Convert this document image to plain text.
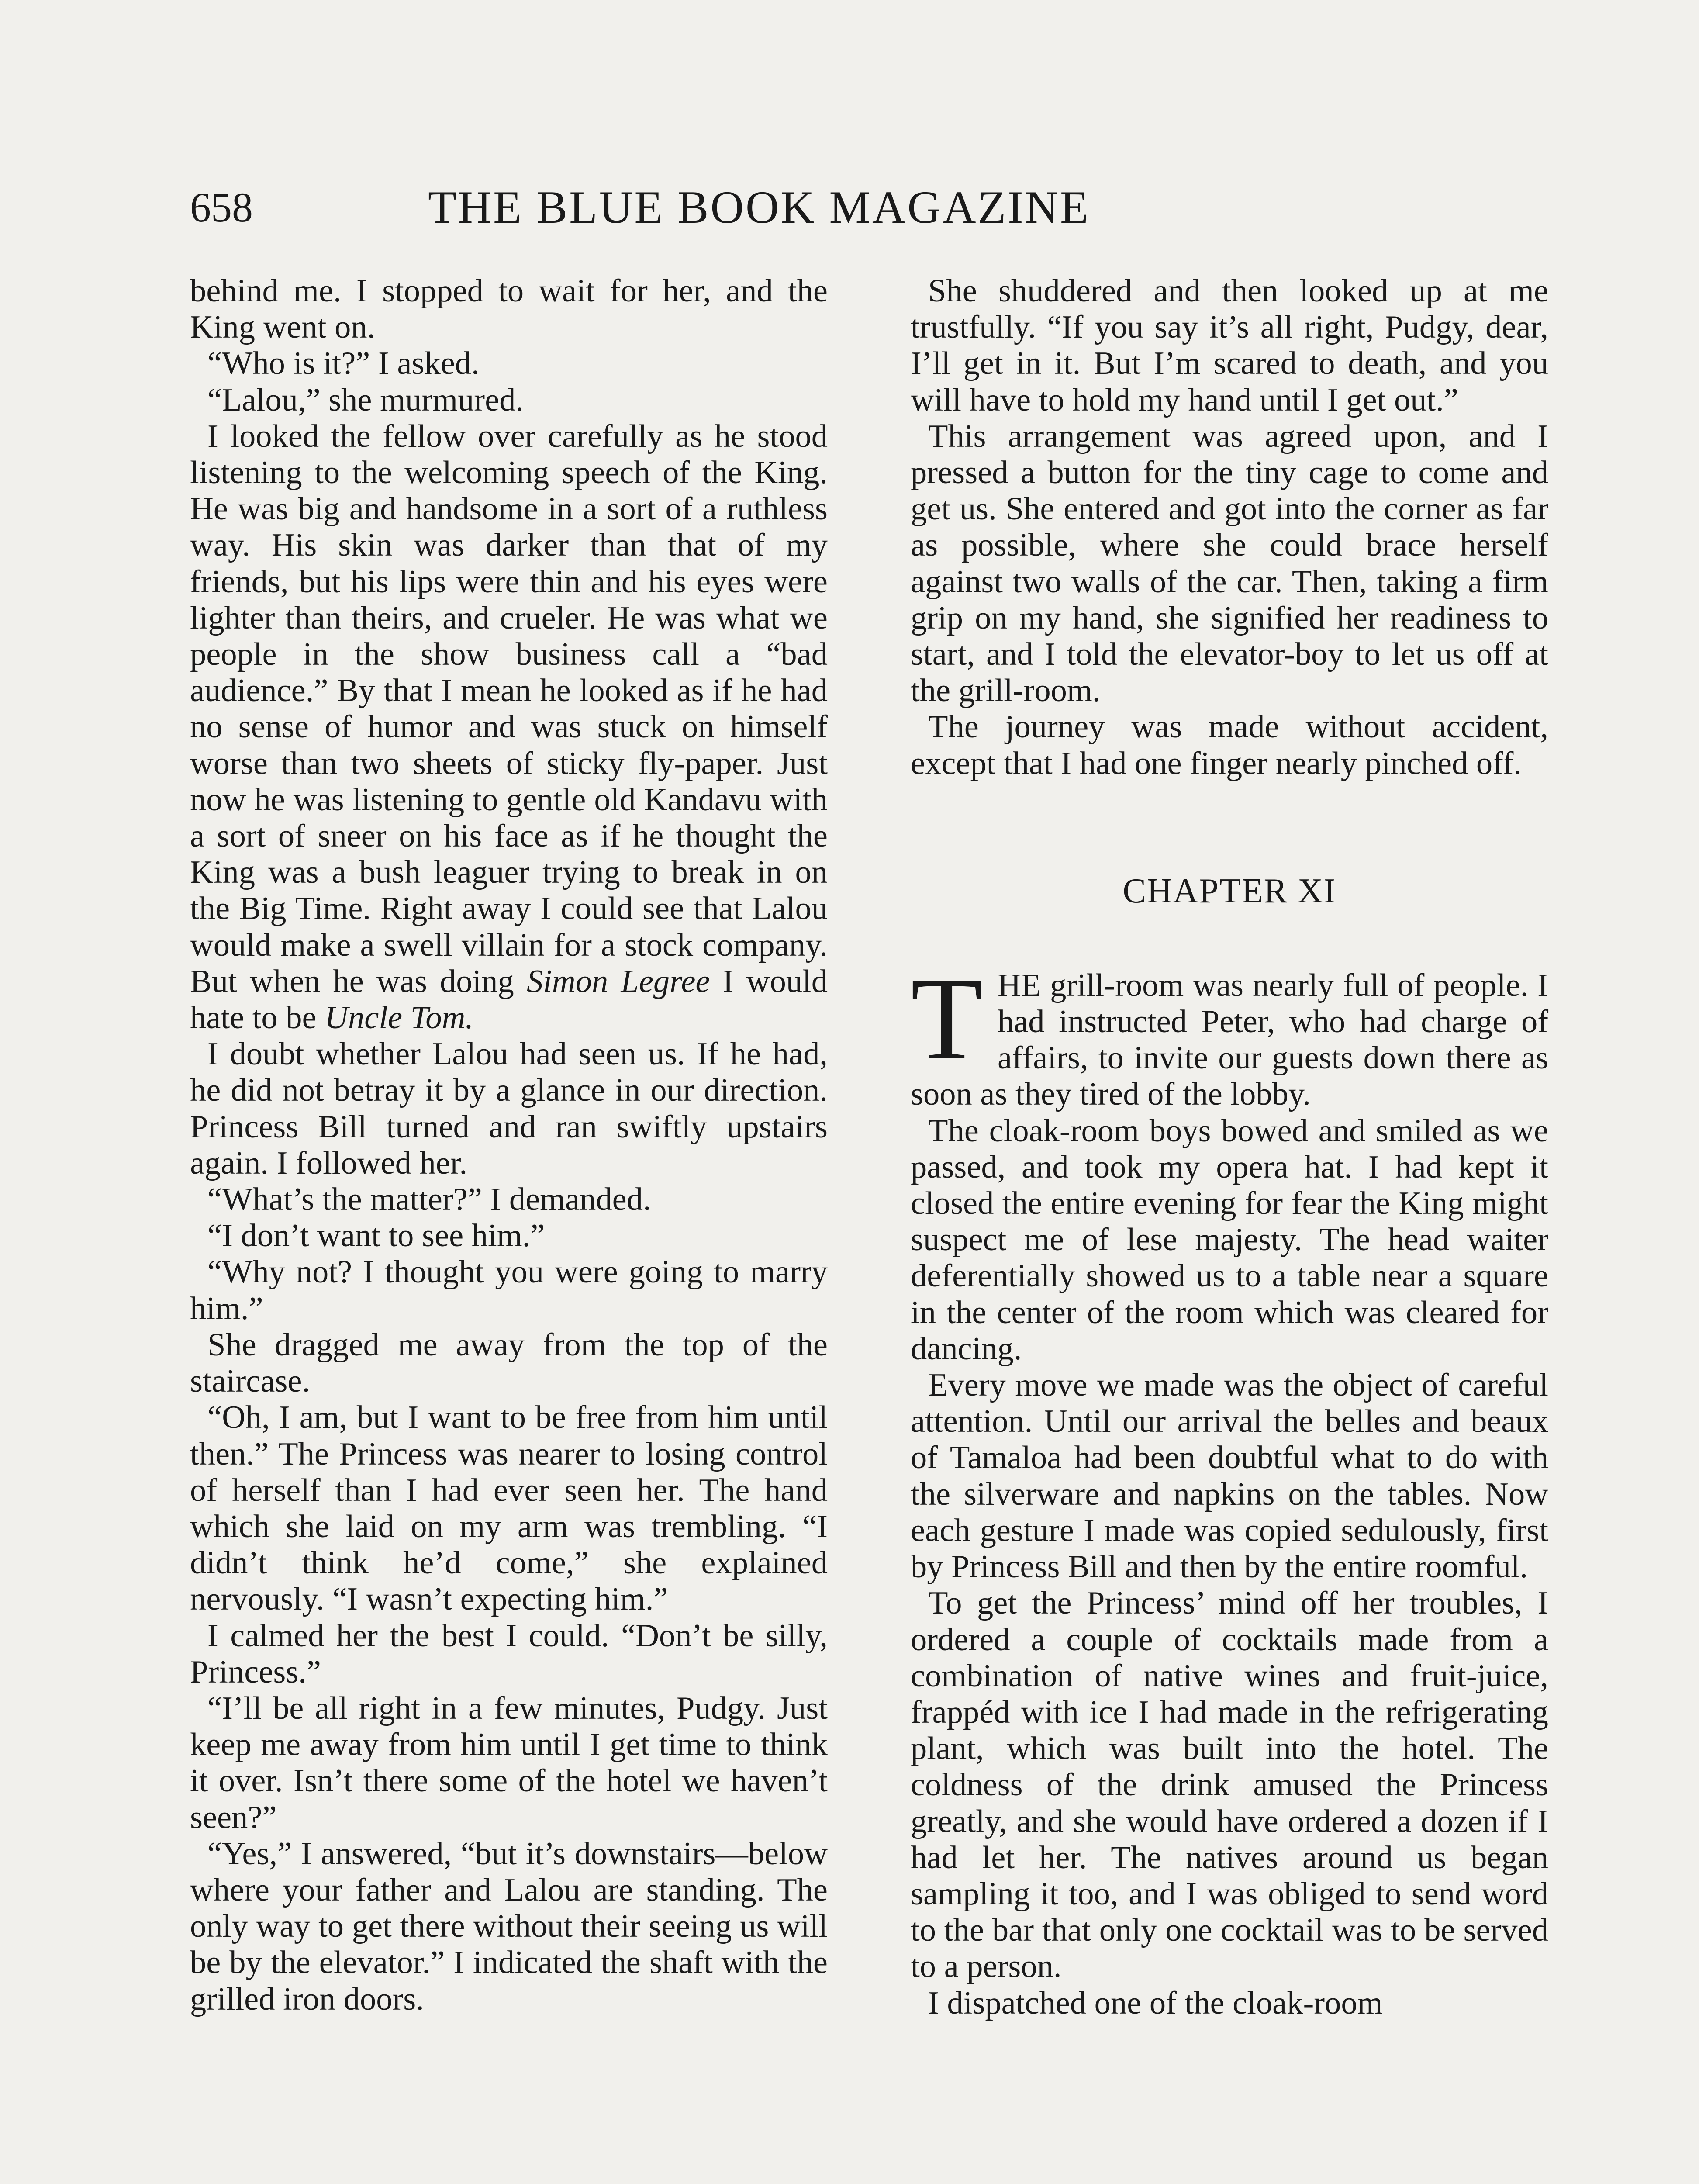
658	THE BLUE BOOK MAGAZINE

behind me. I stopped to wait for her, and the King went on.

“Who is it?” I asked.

“Lalou,” she murmured.

I looked the fellow over carefully as he stood listening to the welcoming speech of the King. He was big and handsome in a sort of a ruthless way. His skin was darker than that of my friends, but his lips were thin and his eyes were lighter than theirs, and crueler. He was what we people in the show business call a “bad audience.” By that I mean he looked as if he had no sense of humor and was stuck on himself worse than two sheets of sticky fly-paper. Just now he was listening to gentle old Kandavu with a sort of sneer on his face as if he thought the King was a bush leaguer trying to break in on the Big Time. Right away I could see that Lalou would make a swell villain for a stock company. But when he was doing Simon Legree I would hate to be Uncle Tom.

I doubt whether Lalou had seen us. If he had, he did not betray it by a glance in our direction. Princess Bill turned and ran swiftly upstairs again. I followed her.

“What’s the matter?” I demanded.

“I don’t want to see him.”

“Why not? I thought you were going to marry him.”

She dragged me away from the top of the staircase.

“Oh, I am, but I want to be free from him until then.” The Princess was nearer to losing control of herself than I had ever seen her. The hand which she laid on my arm was trembling. “I didn’t think he’d come,” she explained nervously. “I wasn’t expecting him.”

I calmed her the best I could. “Don’t be silly, Princess.”

“I’ll be all right in a few minutes, Pudgy. Just keep me away from him until I get time to think it over. Isn’t there some of the hotel we haven’t seen?”

“Yes,” I answered, “but it’s downstairs—below where your father and Lalou are standing. The only way to get there without their seeing us will be by the elevator.” I indicated the shaft with the grilled iron doors.

She shuddered and then looked up at me trustfully. “If you say it’s all right, Pudgy, dear, I’ll get in it. But I’m scared to death, and you will have to hold my hand until I get out.”

This arrangement was agreed upon, and I pressed a button for the tiny cage to come and get us. She entered and got into the corner as far as possible, where she could brace herself against two walls of the car. Then, taking a firm grip on my hand, she signified her readiness to start, and I told the elevator-boy to let us off at the grill-room.

The journey was made without accident, except that I had one finger nearly pinched off.

CHAPTER XI

THE grill-room was nearly full of people. I had instructed Peter, who had charge of affairs, to invite our guests down there as soon as they tired of the lobby.

The cloak-room boys bowed and smiled as we passed, and took my opera hat. I had kept it closed the entire evening for fear the King might suspect me of lese majesty. The head waiter deferentially showed us to a table near a square in the center of the room which was cleared for dancing.

Every move we made was the object of careful attention. Until our arrival the belles and beaux of Tamaloa had been doubtful what to do with the silverware and napkins on the tables. Now each gesture I made was copied sedulously, first by Princess Bill and then by the entire roomful.

To get the Princess’ mind off her troubles, I ordered a couple of cocktails made from a combination of native wines and fruit-juice, frappéd with ice I had made in the refrigerating plant, which was built into the hotel. The coldness of the drink amused the Princess greatly, and she would have ordered a dozen if I had let her. The natives around us began sampling it too, and I was obliged to send word to the bar that only one cocktail was to be served to a person.

I dispatched one of the cloak-room
